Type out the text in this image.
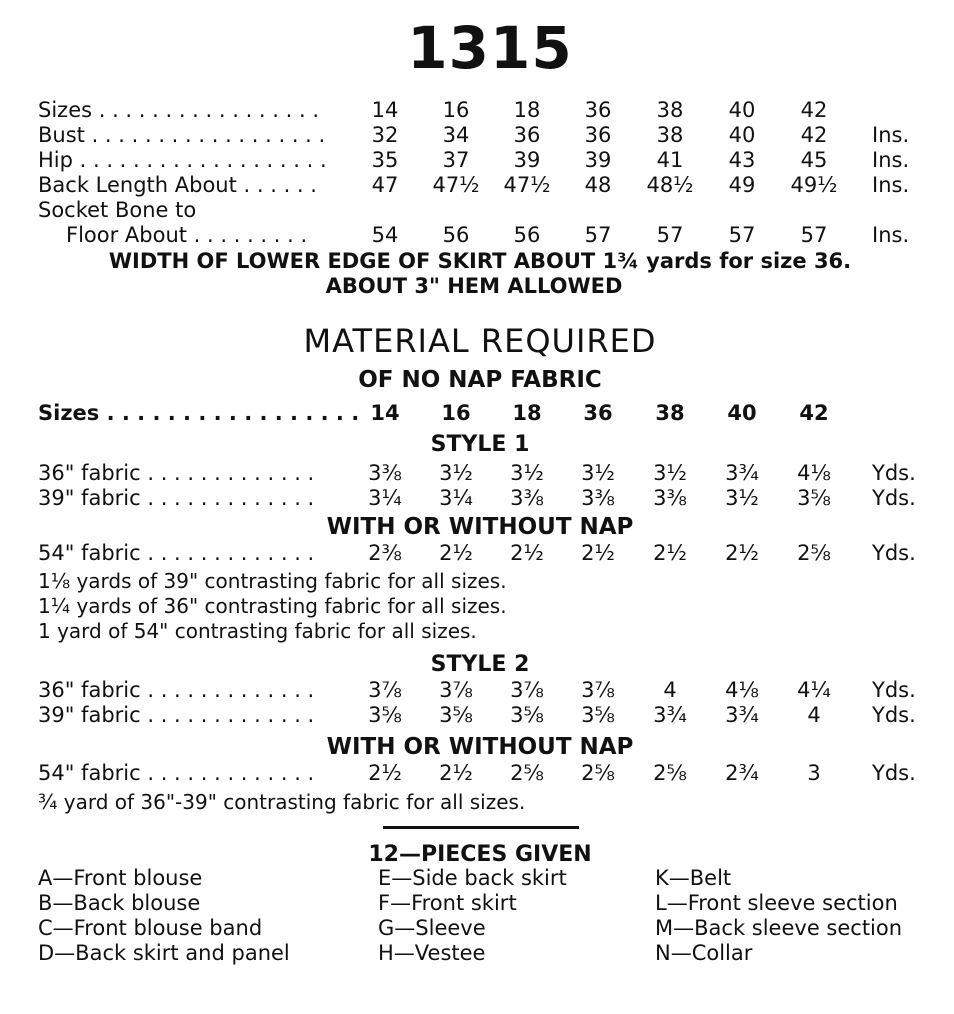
1315
Sizes . . . . . . . . . . . . . . . . .	14	16	18	36	38	40	42
Bust . . . . . . . . . . . . . . . . . .	32	34	36	36	38	40	42	Ins.
Hip . . . . . . . . . . . . . . . . . . .	35	37	39	39	41	43	45	Ins.
Back Length About . . . . . .	47	47½	47½	48	48½	49	49½	Ins.
Socket Bone to
Floor About . . . . . . . . .	54	56	56	57	57	57	57	Ins.
WIDTH OF LOWER EDGE OF SKIRT ABOUT 1¾ yards for size 36.
ABOUT 3" HEM ALLOWED
MATERIAL REQUIRED
OF NO NAP FABRIC
Sizes . . . . . . . . . . . . . . . . . 14	16	18	36	38	40	42
STYLE 1
36" fabric . . . . . . . . . . . . .	3⅜	3½	3½	3½	3½	3¾	4⅛	Yds.
39" fabric . . . . . . . . . . . . .	3¼	3¼	3⅜	3⅜	3⅜	3½	3⅝	Yds.
WITH OR WITHOUT NAP
54" fabric . . . . . . . . . . . . .	2⅜	2½	2½	2½	2½	2½	2⅝	Yds.
1⅛ yards of 39" contrasting fabric for all sizes.
1¼ yards of 36" contrasting fabric for all sizes.
1 yard of 54" contrasting fabric for all sizes.
STYLE 2
36" fabric . . . . . . . . . . . . .	3⅞	3⅞	3⅞	3⅞	4	4⅛	4¼	Yds.
39" fabric . . . . . . . . . . . . .	3⅝	3⅝	3⅝	3⅝	3¾	3¾	4	Yds.
WITH OR WITHOUT NAP
54" fabric . . . . . . . . . . . . .	2½	2½	2⅝	2⅝	2⅝	2¾	3	Yds.
¾ yard of 36"-39" contrasting fabric for all sizes.
12—PIECES GIVEN
A—Front blouse
B—Back blouse
C—Front blouse band
D—Back skirt and panel
E—Side back skirt
F—Front skirt
G—Sleeve
H—Vestee
K—Belt
L—Front sleeve section
M—Back sleeve section
N—Collar
